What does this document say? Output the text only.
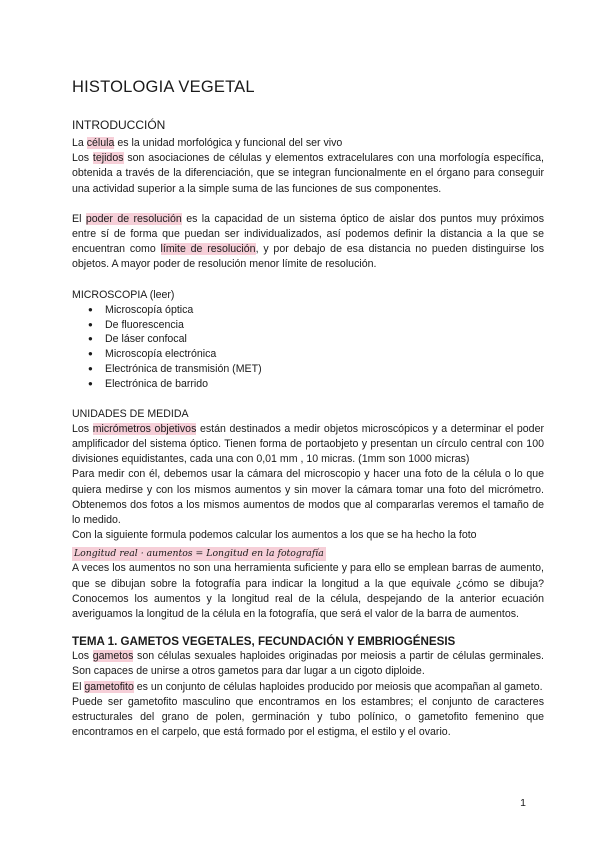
HISTOLOGIA VEGETAL
INTRODUCCIÓN

La célula es la unidad morfológica y funcional del ser vivo

Los tejidos son asociaciones de células y elementos extracelulares con una morfología específica, obtenida a través de la diferenciación, que se integran funcionalmente en el órgano para conseguir una actividad superior a la simple suma de las funciones de sus componentes.

El poder de resolución es la capacidad de un sistema óptico de aislar dos puntos muy próximos entre sí de forma que puedan ser individualizados, así podemos definir la distancia a la que se encuentran como límite de resolución, y por debajo de esa distancia no pueden distinguirse los objetos. A mayor poder de resolución menor límite de resolución.

MICROSCOPIA (leer)

● Microscopía óptica
● De fluorescencia
● De láser confocal
● Microscopía electrónica
● Electrónica de transmisión (MET)
● Electrónica de barrido

UNIDADES DE MEDIDA

Los micrómetros objetivos están destinados a medir objetos microscópicos y a determinar el poder amplificador del sistema óptico. Tienen forma de portaobjeto y presentan un círculo central con 100 divisiones equidistantes, cada una con 0,01 mm , 10 micras. (1mm son 1000 micras)

Para medir con él, debemos usar la cámara del microscopio y hacer una foto de la célula o lo que quiera medirse y con los mismos aumentos y sin mover la cámara tomar una foto del micrómetro. Obtenemos dos fotos a los mismos aumentos de modos que al compararlas veremos el tamaño de lo medido.

Con la siguiente formula podemos calcular los aumentos a los que se ha hecho la foto

Longitud real · aumentos = Longitud en la fotografía

A veces los aumentos no son una herramienta suficiente y para ello se emplean barras de aumento, que se dibujan sobre la fotografía para indicar la longitud a la que equivale ¿cómo se dibuja? Conocemos los aumentos y la longitud real de la célula, despejando de la anterior ecuación averiguamos la longitud de la célula en la fotografía, que será el valor de la barra de aumentos.

TEMA 1. GAMETOS VEGETALES, FECUNDACIÓN Y EMBRIOGÉNESIS

Los gametos son células sexuales haploides originadas por meiosis a partir de células germinales. Son capaces de unirse a otros gametos para dar lugar a un cigoto diploide.

El gametofito es un conjunto de células haploides producido por meiosis que acompañan al gameto.

Puede ser gametofito masculino que encontramos en los estambres; el conjunto de caracteres estructurales del grano de polen, germinación y tubo polínico, o gametofito femenino que encontramos en el carpelo, que está formado por el estigma, el estilo y el ovario.

1
